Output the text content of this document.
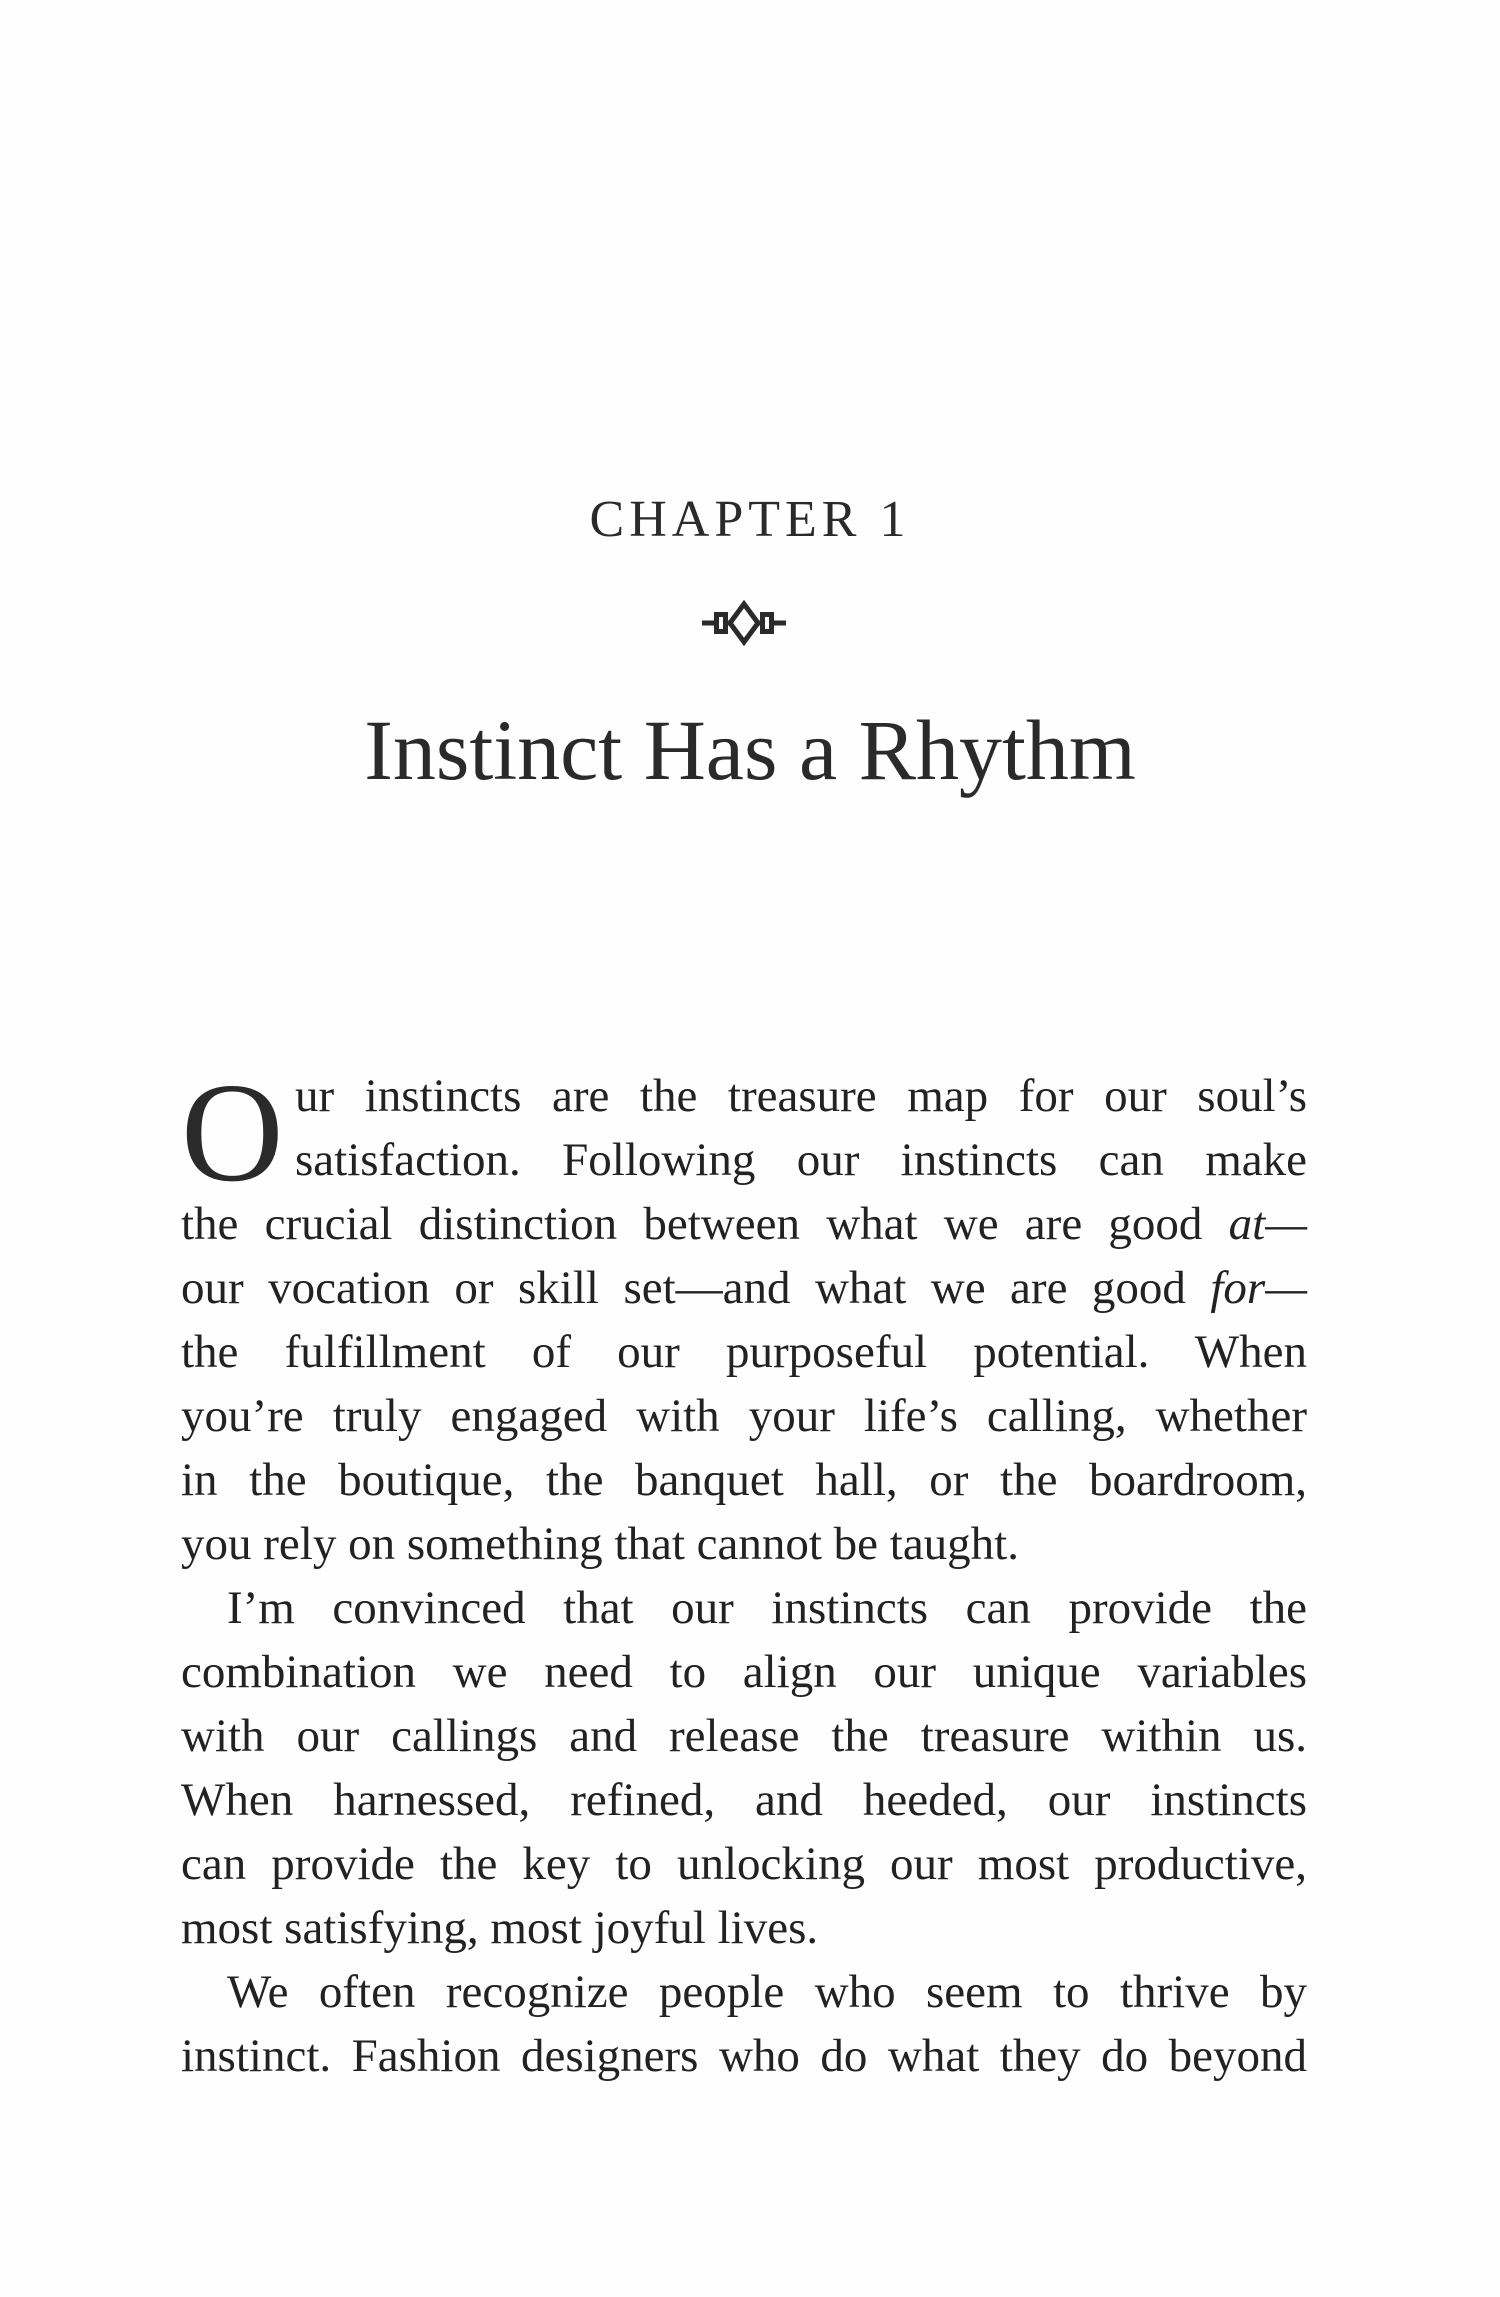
CHAPTER 1
Instinct Has a Rhythm
O ur instincts are the treasure map for our soul’s
satisfaction. Following our instincts can make
the crucial distinction between what we are good at—
our vocation or skill set—and what we are good for—
the fulfillment of our purposeful potential. When
you’re truly engaged with your life’s calling, whether
in the boutique, the banquet hall, or the boardroom,
you rely on something that cannot be taught.
I’m convinced that our instincts can provide the
combination we need to align our unique variables
with our callings and release the treasure within us.
When harnessed, refined, and heeded, our instincts
can provide the key to unlocking our most productive,
most satisfying, most joyful lives.
We often recognize people who seem to thrive by
instinct. Fashion designers who do what they do beyond
